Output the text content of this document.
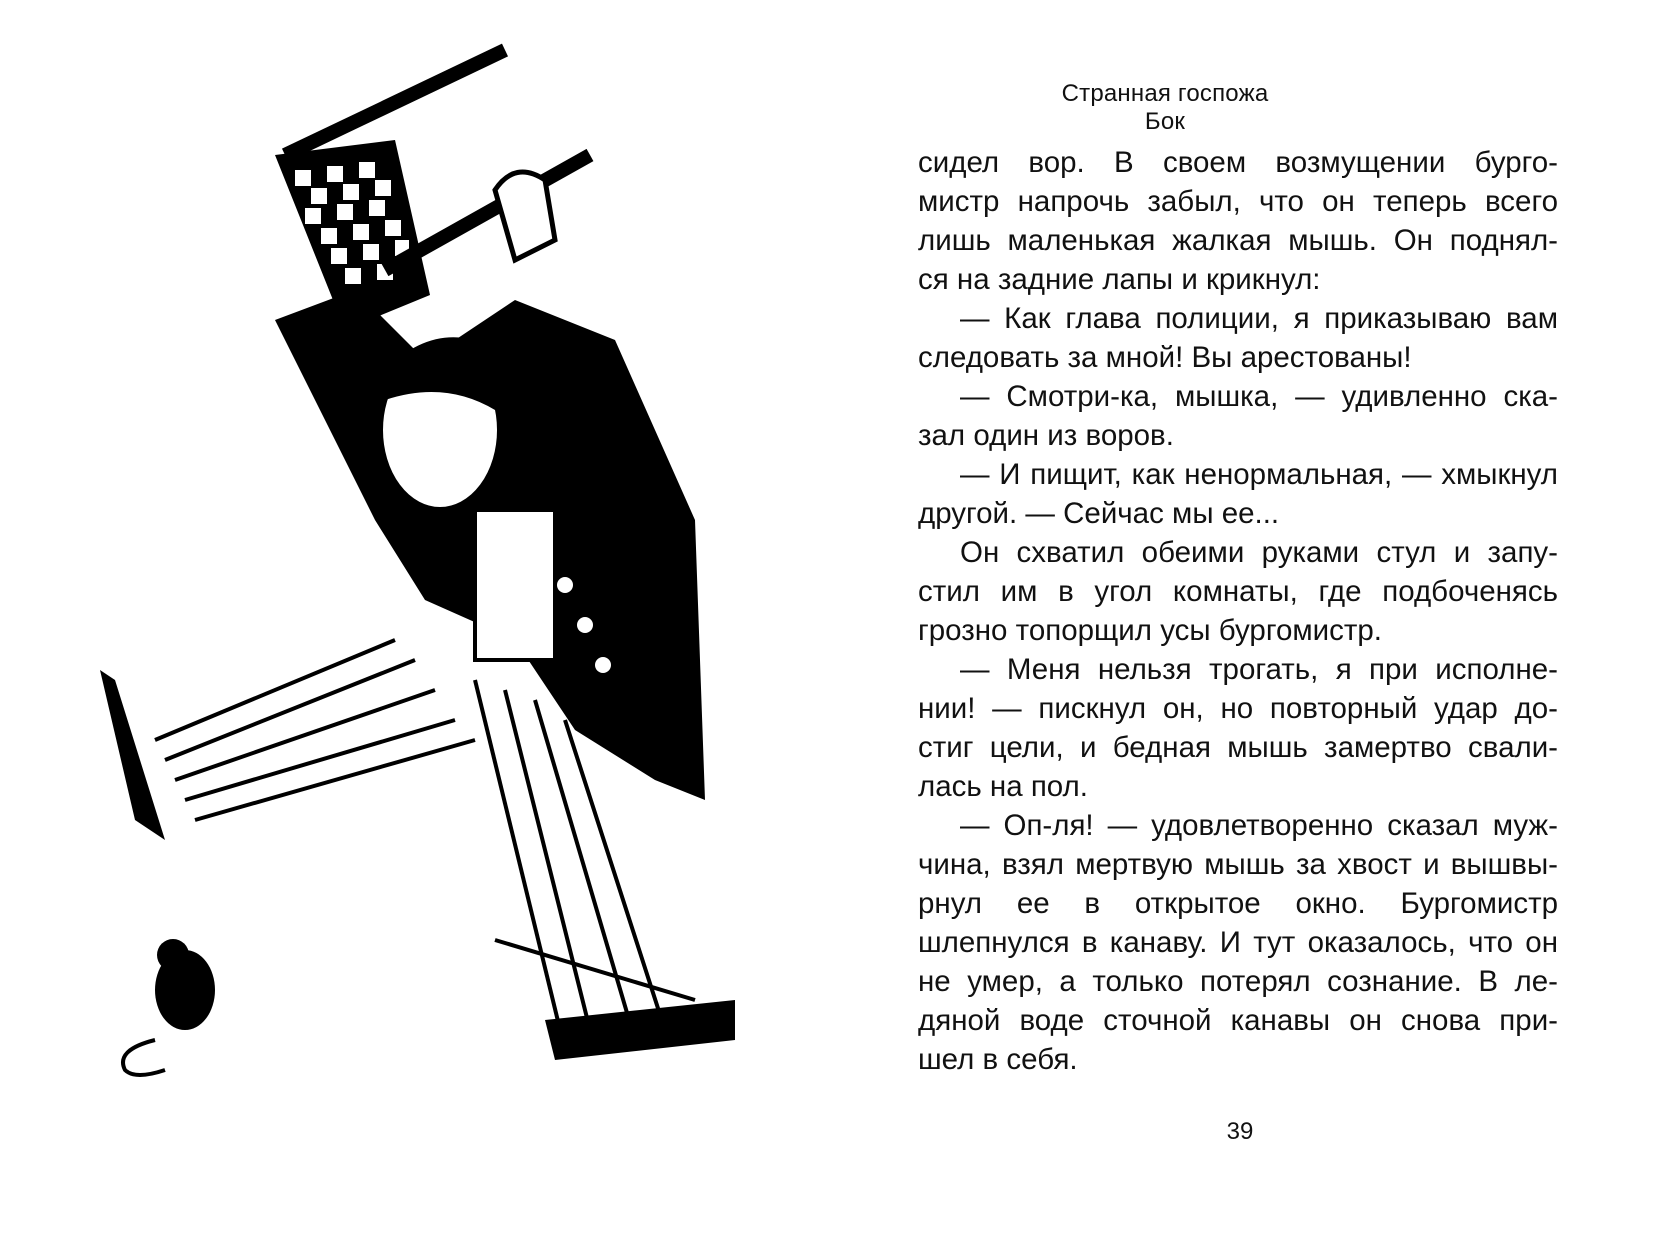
Странная госпожа Бок
сидел вор. В своем возмущении бурго-
мистр напрочь забыл, что он теперь всего
лишь маленькая жалкая мышь. Он поднял-
ся на задние лапы и крикнул:
— Как глава полиции, я приказываю вам
следовать за мной! Вы арестованы!
— Смотри-ка, мышка, — удивленно ска-
зал один из воров.
— И пищит, как ненормальная, — хмыкнул
другой. — Сейчас мы ее...
Он схватил обеими руками стул и запу-
стил им в угол комнаты, где подбоченясь
грозно топорщил усы бургомистр.
— Меня нельзя трогать, я при исполне-
нии! — пискнул он, но повторный удар до-
стиг цели, и бедная мышь замертво свали-
лась на пол.
— Оп-ля! — удовлетворенно сказал муж-
чина, взял мертвую мышь за хвост и вышвы-
рнул ее в открытое окно. Бургомистр
шлепнулся в канаву. И тут оказалось, что он
не умер, а только потерял сознание. В ле-
дяной воде сточной канавы он снова при-
шел в себя.
39
